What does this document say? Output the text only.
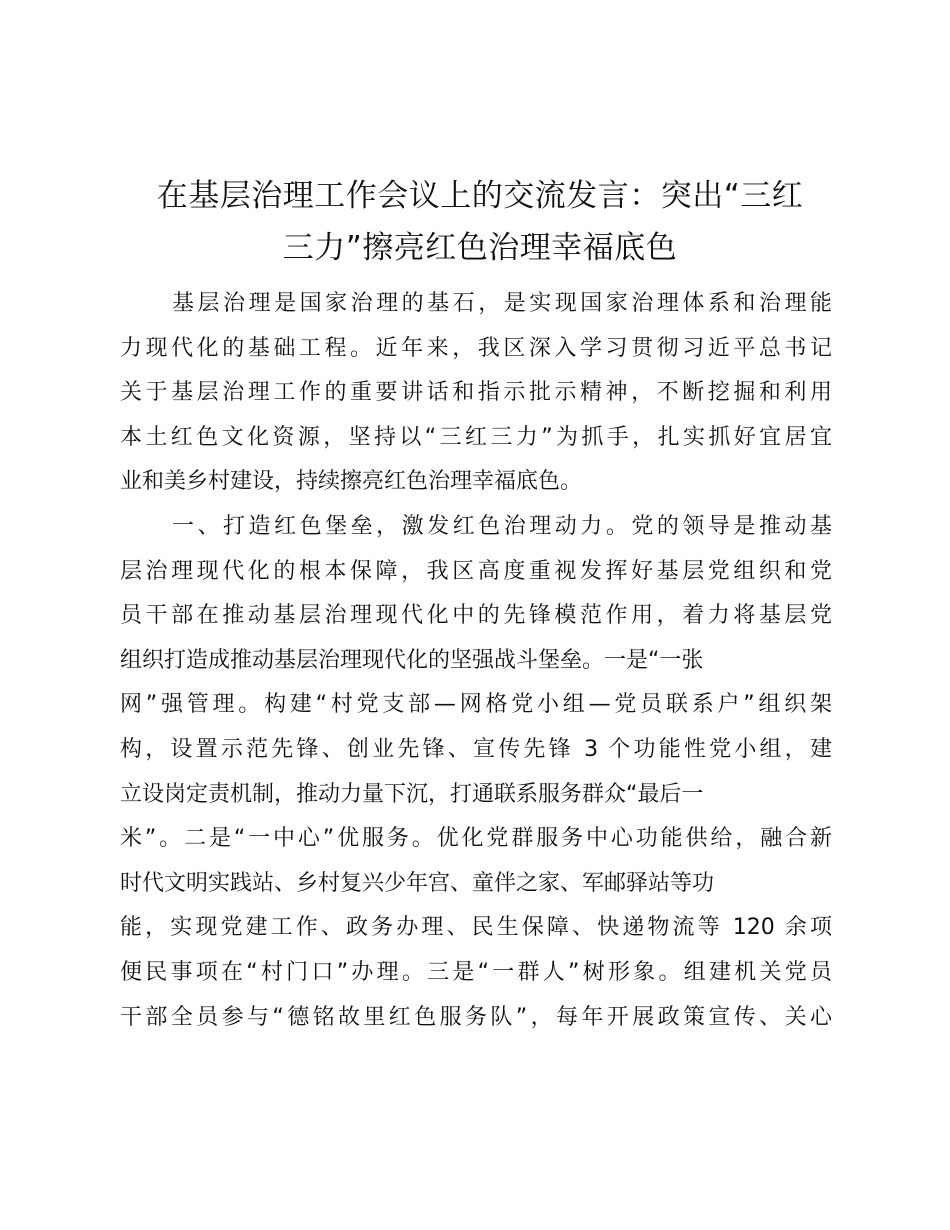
在基层治理工作会议上的交流发言：突出“三红
三力”擦亮红色治理幸福底色
基层治理是国家治理的基石，是实现国家治理体系和治理能
力现代化的基础工程。近年来，我区深入学习贯彻习近平总书记
关于基层治理工作的重要讲话和指示批示精神，不断挖掘和利用
本土红色文化资源，坚持以“三红三力”为抓手，扎实抓好宜居宜
业和美乡村建设，持续擦亮红色治理幸福底色。
一、打造红色堡垒，激发红色治理动力。党的领导是推动基
层治理现代化的根本保障，我区高度重视发挥好基层党组织和党
员干部在推动基层治理现代化中的先锋模范作用，着力将基层党
组织打造成推动基层治理现代化的坚强战斗堡垒。一是“一张
网”强管理。构建“村党支部—网格党小组—党员联系户”组织架
构，设置示范先锋、创业先锋、宣传先锋 3 个功能性党小组，建
立设岗定责机制，推动力量下沉，打通联系服务群众“最后一
米”。二是“一中心”优服务。优化党群服务中心功能供给，融合新
时代文明实践站、乡村复兴少年宫、童伴之家、军邮驿站等功
能，实现党建工作、政务办理、民生保障、快递物流等 120 余项
便民事项在“村门口”办理。三是“一群人”树形象。组建机关党员
干部全员参与“德铭故里红色服务队”，每年开展政策宣传、关心
